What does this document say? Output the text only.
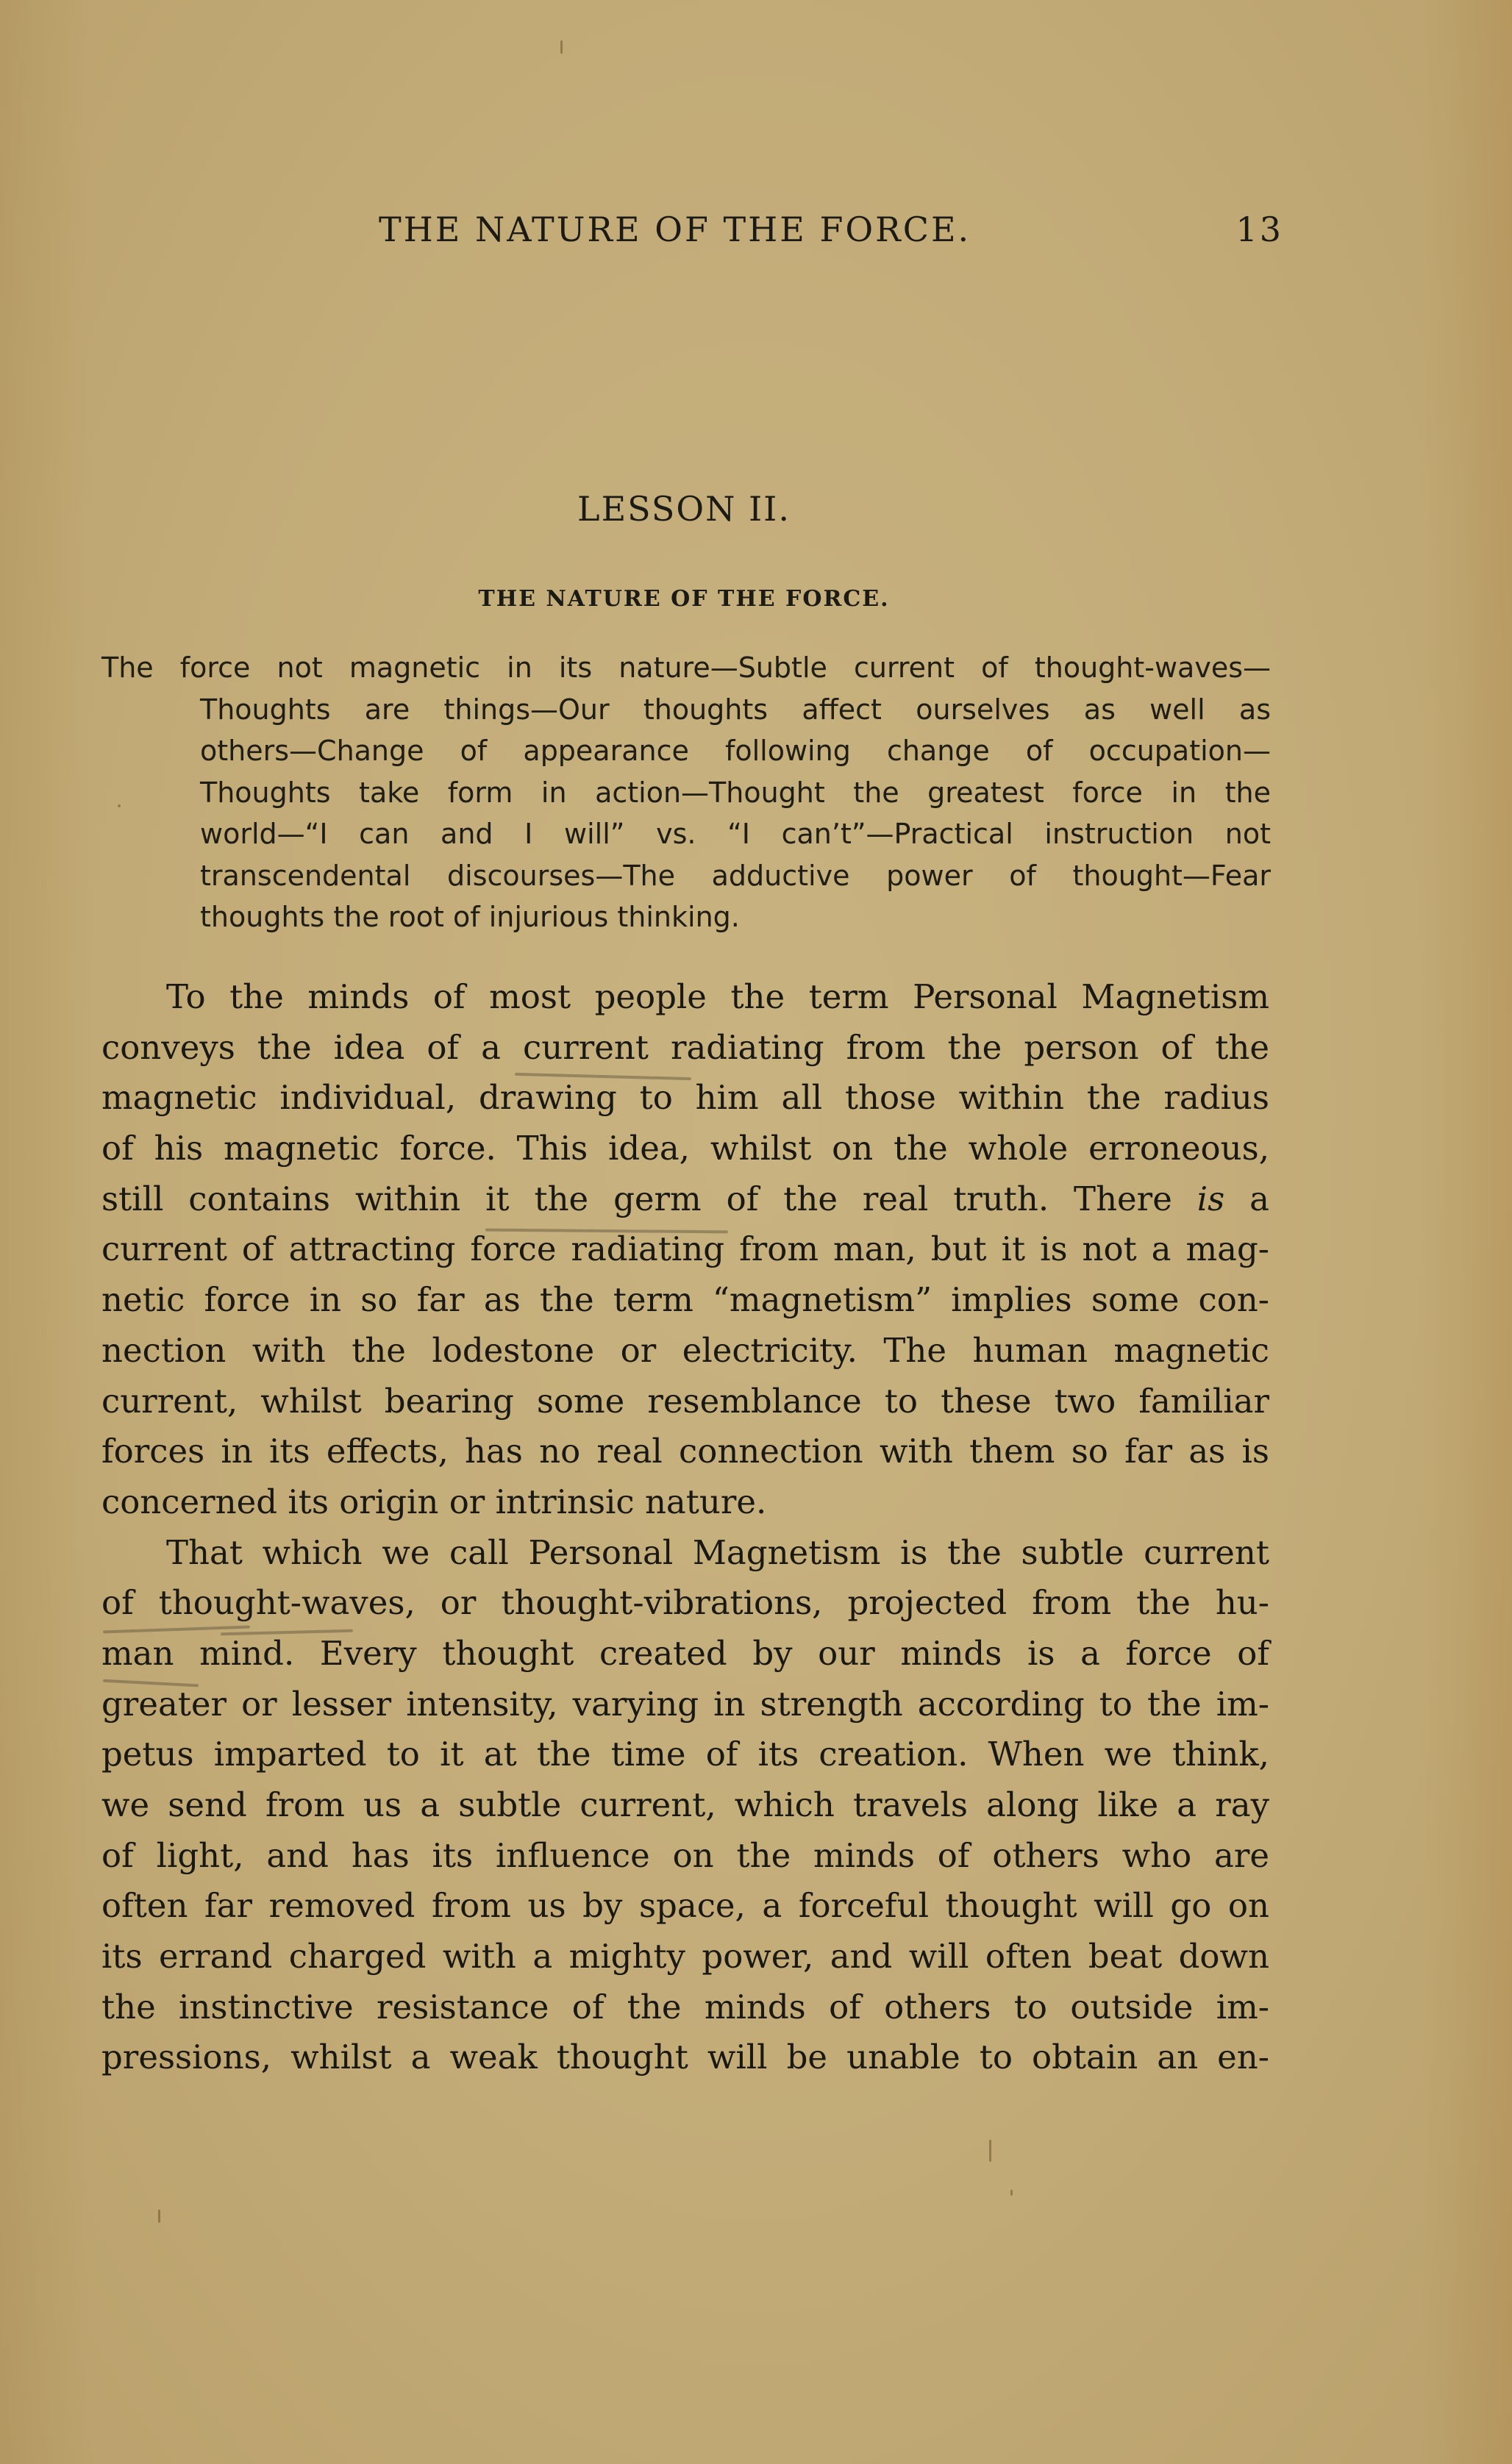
THE NATURE OF THE FORCE.	13
LESSON II.
THE NATURE OF THE FORCE.
The force not magnetic in its nature—Subtle current of thought-waves—
Thoughts are things—Our thoughts affect ourselves as well as
others—Change of appearance following change of occupation—
Thoughts take form in action—Thought the greatest force in the
world—“I can and I will” vs. “I can’t”—Practical instruction not
transcendental discourses—The adductive power of thought—Fear
thoughts the root of injurious thinking.
To the minds of most people the term Personal Magnetism
conveys the idea of a current radiating from the person of the
magnetic individual, drawing to him all those within the radius
of his magnetic force. This idea, whilst on the whole erroneous,
still contains within it the germ of the real truth. There is a
current of attracting force radiating from man, but it is not a mag-
netic force in so far as the term “magnetism” implies some con-
nection with the lodestone or electricity. The human magnetic
current, whilst bearing some resemblance to these two familiar
forces in its effects, has no real connection with them so far as is
concerned its origin or intrinsic nature.
That which we call Personal Magnetism is the subtle current
of thought-waves, or thought-vibrations, projected from the hu-
man mind. Every thought created by our minds is a force of
greater or lesser intensity, varying in strength according to the im-
petus imparted to it at the time of its creation. When we think,
we send from us a subtle current, which travels along like a ray
of light, and has its influence on the minds of others who are
often far removed from us by space, a forceful thought will go on
its errand charged with a mighty power, and will often beat down
the instinctive resistance of the minds of others to outside im-
pressions, whilst a weak thought will be unable to obtain an en-
